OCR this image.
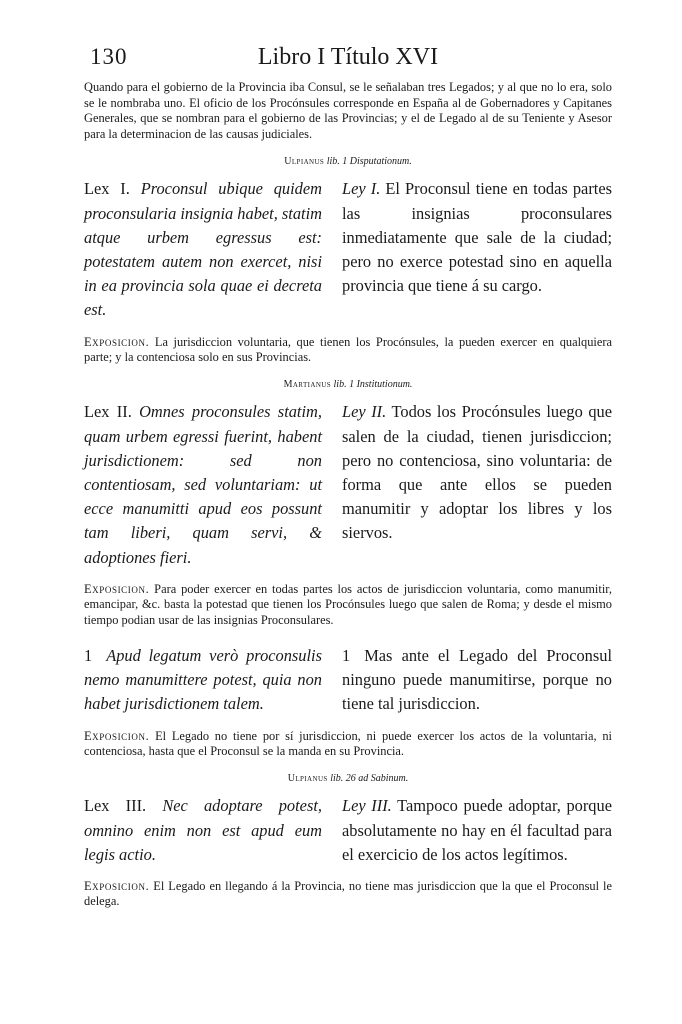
130	Libro I Título XVI

Quando para el gobierno de la Provincia iba Consul, se le señalaban tres Legados; y al que no lo era, solo se le nombraba uno. El oficio de los Procónsules corresponde en España al de Gobernadores y Capitanes Generales, que se nombran para el gobierno de las Provincias; y el de Legado al de su Teniente y Asesor para la determinacion de las causas judiciales.

Ulpianus lib. 1 Disputationum.

Lex I. Proconsul ubique quidem proconsularia insignia habet, statim atque urbem egressus est: potestatem autem non exercet, nisi in ea provincia sola quae ei decreta est.

Ley I. El Proconsul tiene en todas partes las insignias proconsulares inmediatamente que sale de la ciudad; pero no exerce potestad sino en aquella provincia que tiene á su cargo.

Exposicion. La jurisdiccion voluntaria, que tienen los Procónsules, la pueden exercer en qualquiera parte; y la contenciosa solo en sus Provincias.

Martianus lib. 1 Institutionum.

Lex II. Omnes proconsules statim, quam urbem egressi fuerint, habent jurisdictionem: sed non contentiosam, sed voluntariam: ut ecce manumitti apud eos possunt tam liberi, quam servi, & adoptiones fieri.

Ley II. Todos los Procónsules luego que salen de la ciudad, tienen jurisdiccion; pero no contenciosa, sino voluntaria: de forma que ante ellos se pueden manumitir y adoptar los libres y los siervos.

Exposicion. Para poder exercer en todas partes los actos de jurisdiccion voluntaria, como manumitir, emancipar, &c. basta la potestad que tienen los Procónsules luego que salen de Roma; y desde el mismo tiempo podian usar de las insignias Proconsulares.

1 Apud legatum verò proconsulis nemo manumittere potest, quia non habet jurisdictionem talem.

1 Mas ante el Legado del Proconsul ninguno puede manumitirse, porque no tiene tal jurisdiccion.

Exposicion. El Legado no tiene por sí jurisdiccion, ni puede exercer los actos de la voluntaria, ni contenciosa, hasta que el Proconsul se la manda en su Provincia.

Ulpianus lib. 26 ad Sabinum.

Lex III. Nec adoptare potest, omnino enim non est apud eum legis actio.

Ley III. Tampoco puede adoptar, porque absolutamente no hay en él facultad para el exercicio de los actos legítimos.

Exposicion. El Legado en llegando á la Provincia, no tiene mas jurisdiccion que la que el Proconsul le delega.
